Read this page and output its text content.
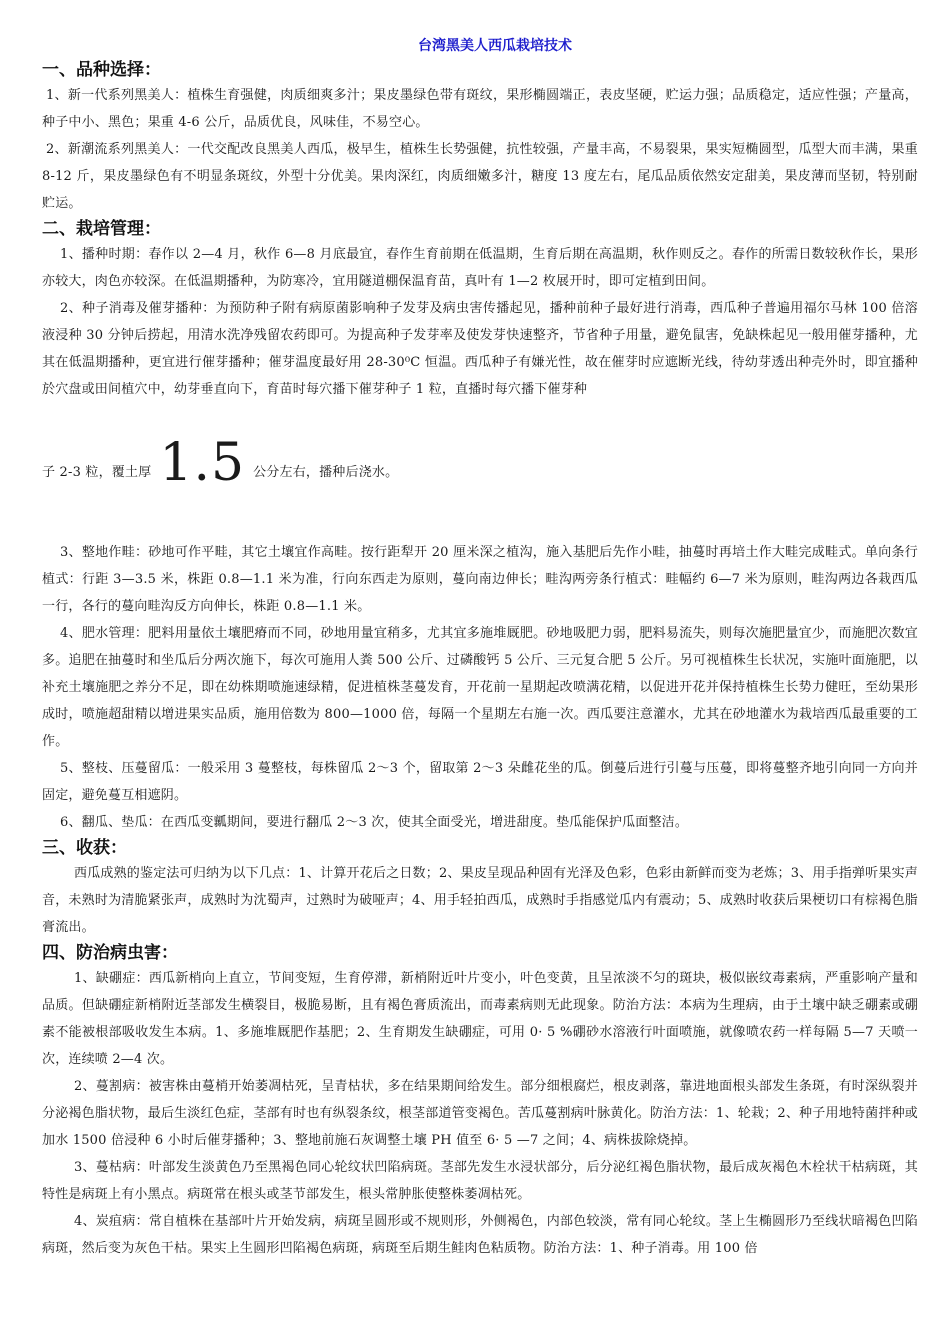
台湾黑美人西瓜栽培技术
一、品种选择：

1、新一代系列黑美人：植株生育强健，肉质细爽多汁；果皮墨绿色带有斑纹，果形椭圆端正，表皮坚硬，贮运力强；品质稳定，适应性强；产量高，种子中小、黑色；果重 4-6 公斤，品质优良，风味佳，不易空心。

2、新潮流系列黑美人：一代交配改良黑美人西瓜，极早生，植株生长势强健，抗性较强，产量丰高，不易裂果，果实短椭圆型，瓜型大而丰满，果重 8-12 斤，果皮墨绿色有不明显条斑纹，外型十分优美。果肉深红，肉质细嫩多汁，糖度 13 度左右，尾瓜品质依然安定甜美，果皮薄而坚韧，特别耐贮运。

二、栽培管理：

1、播种时期：春作以 2—4 月，秋作 6—8 月底最宜，春作生育前期在低温期，生育后期在高温期，秋作则反之。春作的所需日数较秋作长，果形亦较大，肉色亦较深。在低温期播种，为防寒冷，宜用隧道棚保温育苗，真叶有 1—2 枚展开时，即可定植到田间。

2、种子消毒及催芽播种：为预防种子附有病原菌影响种子发芽及病虫害传播起见，播种前种子最好进行消毒，西瓜种子普遍用福尔马林 100 倍溶液浸种 30 分钟后捞起，用清水洗净残留农药即可。为提高种子发芽率及使发芽快速整齐，节省种子用量，避免鼠害，免缺株起见一般用催芽播种，尤其在低温期播种，更宜进行催芽播种；催芽温度最好用 28-30⁰C 恒温。西瓜种子有嫌光性，故在催芽时应遮断光线，待幼芽透出种壳外时，即宜播种於穴盘或田间植穴中，幼芽垂直向下，育苗时每穴播下催芽种子 1 粒，直播时每穴播下催芽种

子 2-3 粒，覆土厚 1.5 公分左右，播种后浇水。

3、整地作畦：砂地可作平畦，其它土壤宜作高畦。按行距犁开 20 厘米深之植沟，施入基肥后先作小畦，抽蔓时再培土作大畦完成畦式。单向条行植式：行距 3—3.5 米，株距 0.8—1.1 米为准，行向东西走为原则，蔓向南边伸长；畦沟两旁条行植式：畦幅约 6—7 米为原则，畦沟两边各栽西瓜一行，各行的蔓向畦沟反方向伸长，株距 0.8—1.1 米。

4、肥水管理：肥料用量依土壤肥瘠而不同，砂地用量宜稍多，尤其宜多施堆厩肥。砂地吸肥力弱，肥料易流失，则每次施肥量宜少，而施肥次数宜多。追肥在抽蔓时和坐瓜后分两次施下，每次可施用人粪 500 公斤、过磷酸钙 5 公斤、三元复合肥 5 公斤。另可视植株生长状况，实施叶面施肥，以补充土壤施肥之养分不足，即在幼株期喷施速绿精，促进植株茎蔓发育，开花前一星期起改喷满花精，以促进开花并保持植株生长势力健旺，至幼果形成时，喷施超甜精以增进果实品质，施用倍数为 800—1000 倍，每隔一个星期左右施一次。西瓜要注意灌水，尤其在砂地灌水为栽培西瓜最重要的工作。

5、整枝、压蔓留瓜：一般采用 3 蔓整枝，每株留瓜 2～3 个，留取第 2～3 朵雌花坐的瓜。倒蔓后进行引蔓与压蔓，即将蔓整齐地引向同一方向并固定，避免蔓互相遮阴。

6、翻瓜、垫瓜：在西瓜变瓤期间，要进行翻瓜 2～3 次，使其全面受光，增进甜度。垫瓜能保护瓜面整洁。

三、收获：

西瓜成熟的鉴定法可归纳为以下几点：1、计算开花后之日数；2、果皮呈现品种固有光泽及色彩，色彩由新鲜而变为老炼；3、用手指弹听果实声音，未熟时为清脆紧张声，成熟时为沈蜀声，过熟时为破哑声；4、用手轻拍西瓜，成熟时手指感觉瓜内有震动；5、成熟时收获后果梗切口有棕褐色脂膏流出。

四、防治病虫害：

1、缺硼症：西瓜新梢向上直立，节间变短，生育停滞，新梢附近叶片变小，叶色变黄，且呈浓淡不匀的斑块，极似嵌纹毒素病，严重影响产量和品质。但缺硼症新梢附近茎部发生横裂目，极脆易断，且有褐色膏质流出，而毒素病则无此现象。防治方法：本病为生理病，由于土壤中缺乏硼素或硼素不能被根部吸收发生本病。1、多施堆厩肥作基肥；2、生育期发生缺硼症，可用 0· 5 %硼砂水溶液行叶面喷施，就像喷农药一样每隔 5—7 天喷一次，连续喷 2—4 次。

2、蔓割病：被害株由蔓梢开始萎凋枯死，呈青枯状，多在结果期间给发生。部分细根腐烂，根皮剥落，靠进地面根头部发生条斑，有时深纵裂并分泌褐色脂状物，最后生淡红色症，茎部有时也有纵裂条纹，根茎部道管变褐色。苦瓜蔓割病叶脉黄化。防治方法：1、轮栽；2、种子用地特菌拌种或加水 1500 倍浸种 6 小时后催芽播种；3、整地前施石灰调整土壤 PH 值至 6· 5 —7 之间；4、病株拔除烧掉。

3、蔓枯病：叶部发生淡黄色乃至黑褐色同心轮纹状凹陷病斑。茎部先发生水浸状部分，后分泌红褐色脂状物，最后成灰褐色木栓状干枯病斑，其特性是病斑上有小黑点。病斑常在根头或茎节部发生，根头常肿胀使整株萎凋枯死。

4、炭疽病：常自植株在基部叶片开始发病，病斑呈圆形或不规则形，外侧褐色，内部色较淡，常有同心轮纹。茎上生椭圆形乃至线状暗褐色凹陷病斑，然后变为灰色干枯。果实上生圆形凹陷褐色病斑，病斑至后期生鲑肉色粘质物。防治方法：1、种子消毒。用 100 倍
